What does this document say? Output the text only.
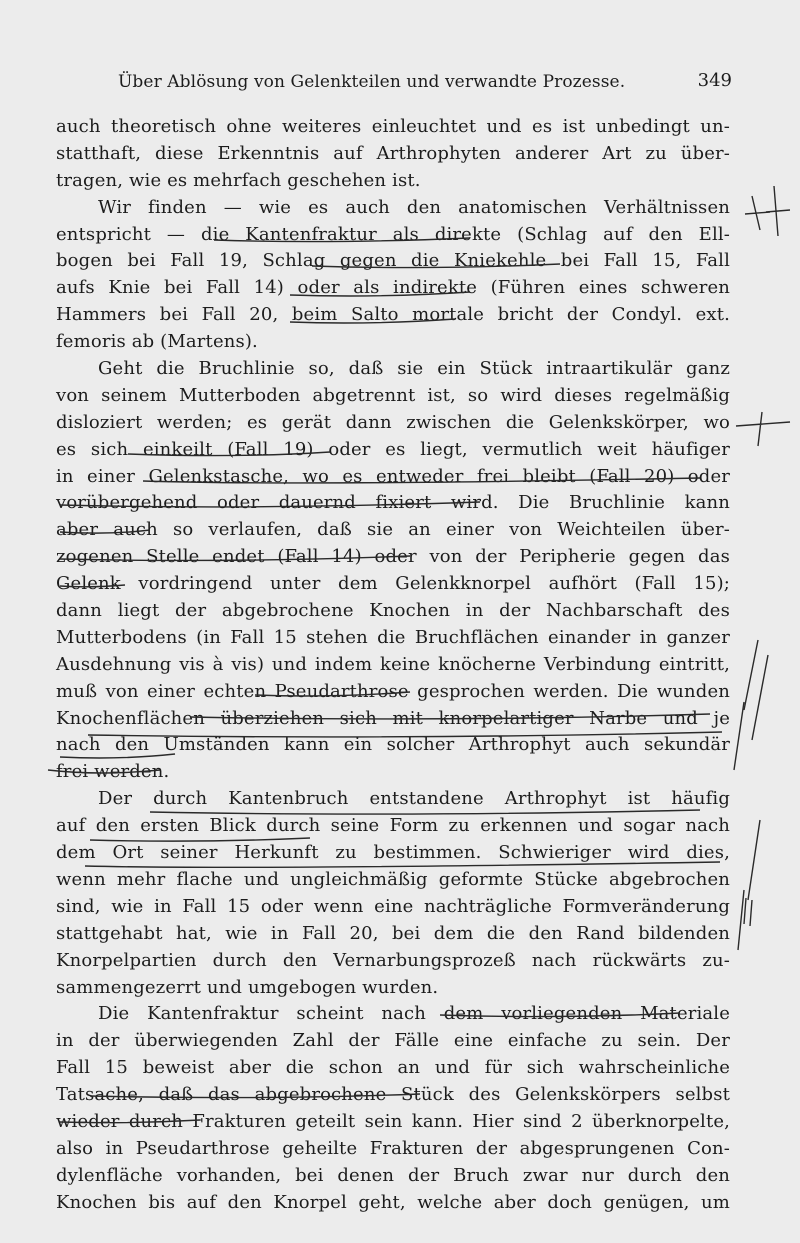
Über Ablösung von Gelenkteilen und verwandte Prozesse.	349
auch theoretisch ohne weiteres einleuchtet und es ist unbedingt un-
statthaft, diese Erkenntnis auf Arthrophyten anderer Art zu über-
tragen, wie es mehrfach geschehen ist.
Wir finden — wie es auch den anatomischen Verhältnissen
entspricht — die Kantenfraktur als direkte (Schlag auf den Ell-
bogen bei Fall 19, Schlag gegen die Kniekehle bei Fall 15, Fall
aufs Knie bei Fall 14) oder als indirekte (Führen eines schweren
Hammers bei Fall 20, beim Salto mortale bricht der Condyl. ext.
femoris ab (Martens).
Geht die Bruchlinie so, daß sie ein Stück intraartikulär ganz
von seinem Mutterboden abgetrennt ist, so wird dieses regelmäßig
disloziert werden; es gerät dann zwischen die Gelenkskörper, wo
es sich einkeilt (Fall 19) oder es liegt, vermutlich weit häufiger
in einer Gelenkstasche, wo es entweder frei bleibt (Fall 20) oder
vorübergehend oder dauernd fixiert wird. Die Bruchlinie kann
aber auch so verlaufen, daß sie an einer von Weichteilen über-
zogenen Stelle endet (Fall 14) oder von der Peripherie gegen das
Gelenk vordringend unter dem Gelenkknorpel aufhört (Fall 15);
dann liegt der abgebrochene Knochen in der Nachbarschaft des
Mutterbodens (in Fall 15 stehen die Bruchflächen einander in ganzer
Ausdehnung vis à vis) und indem keine knöcherne Verbindung eintritt,
muß von einer echten Pseudarthrose gesprochen werden. Die wunden
Knochenflächen überziehen sich mit knorpelartiger Narbe und je
nach den Umständen kann ein solcher Arthrophyt auch sekundär
frei werden.
Der durch Kantenbruch entstandene Arthrophyt ist häufig
auf den ersten Blick durch seine Form zu erkennen und sogar nach
dem Ort seiner Herkunft zu bestimmen. Schwieriger wird dies,
wenn mehr flache und ungleichmäßig geformte Stücke abgebrochen
sind, wie in Fall 15 oder wenn eine nachträgliche Formveränderung
stattgehabt hat, wie in Fall 20, bei dem die den Rand bildenden
Knorpelpartien durch den Vernarbungsprozeß nach rückwärts zu-
sammengezerrt und umgebogen wurden.
Die Kantenfraktur scheint nach dem vorliegenden Materiale
in der überwiegenden Zahl der Fälle eine einfache zu sein. Der
Fall 15 beweist aber die schon an und für sich wahrscheinliche
Tatsache, daß das abgebrochene Stück des Gelenkskörpers selbst
wieder durch Frakturen geteilt sein kann. Hier sind 2 überknorpelte,
also in Pseudarthrose geheilte Frakturen der abgesprungenen Con-
dylenfläche vorhanden, bei denen der Bruch zwar nur durch den
Knochen bis auf den Knorpel geht, welche aber doch genügen, um
